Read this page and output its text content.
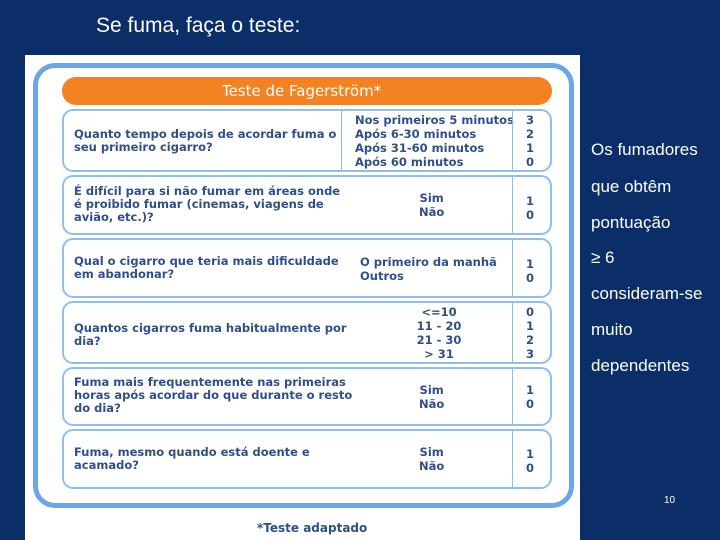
Se fuma, faça o teste:
Teste de Fagerström*
Quanto tempo depois de acordar fuma o
seu primeiro cigarro?
Nos primeiros 5 minutos
Após 6-30 minutos
Após 31-60 minutos
Após 60 minutos
3
2
1
0
É difícil para si não fumar em áreas onde
é proibido fumar (cinemas, viagens de
avião, etc.)?
Sim
Não
1
0
Qual o cigarro que teria mais dificuldade
em abandonar?
O primeiro da manhã
Outros
1
0
Quantos cigarros fuma habitualmente por
dia?
<=10
11 - 20
21 - 30
> 31
0
1
2
3
Fuma mais frequentemente nas primeiras
horas após acordar do que durante o resto
do dia?
Sim
Não
1
0
Fuma, mesmo quando está doente e
acamado?
Sim
Não
1
0
*Teste adaptado
Os fumadores
que obtêm
pontuação
≥ 6
consideram-se
muito
dependentes
10
